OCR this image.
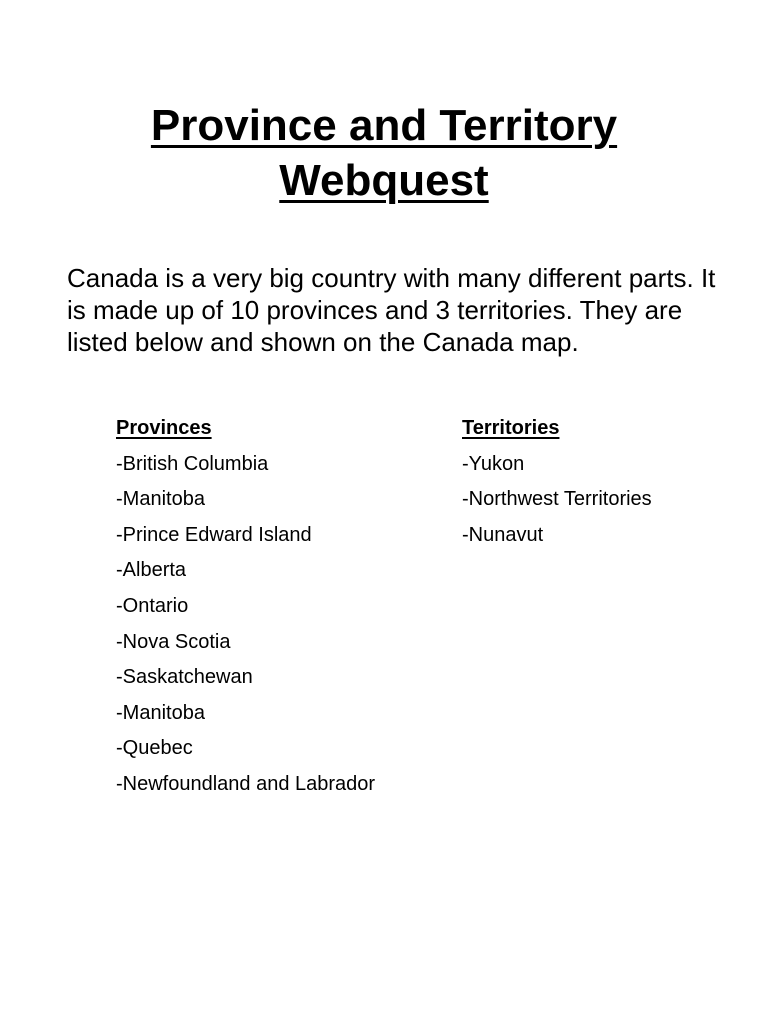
Province and Territory
Webquest

Canada is a very big country with many different parts. It is made up of 10 provinces and 3 territories. They are listed below and shown on the Canada map.

Provinces
-British Columbia
-Manitoba
-Prince Edward Island
-Alberta
-Ontario
-Nova Scotia
-Saskatchewan
-Manitoba
-Quebec
-Newfoundland and Labrador
Territories
-Yukon
-Northwest Territories
-Nunavut
